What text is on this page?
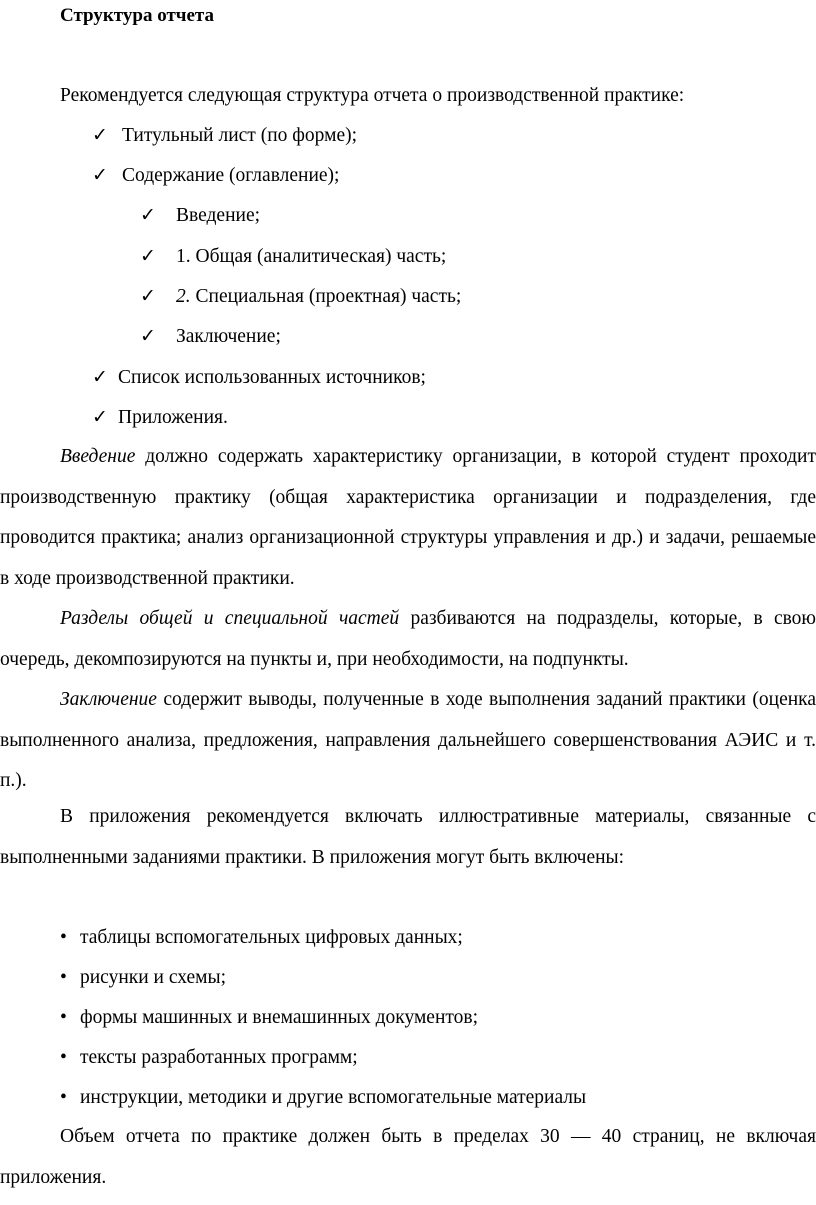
Структура отчета
Рекомендуется следующая структура отчета о производственной практике:
✓ Титульный лист (по форме);
✓ Содержание (оглавление);
✓ Введение;
✓ 1. Общая (аналитическая) часть;
✓ 2. Специальная (проектная) часть;
✓ Заключение;
✓ Список использованных источников;
✓ Приложения.

Введение должно содержать характеристику организации, в которой студент проходит производственную практику (общая характеристика организации и подразделения, где проводится практика; анализ организационной структуры управления и др.) и задачи, решаемые в ходе производственной практики.

Разделы общей и специальной частей разбиваются на подразделы, которые, в свою очередь, декомпозируются на пункты и, при необходимости, на подпункты.

Заключение содержит выводы, полученные в ходе выполнения заданий практики (оценка выполненного анализа, предложения, направления дальнейшего совершенствования АЭИС и т. п.).

В приложения рекомендуется включать иллюстративные материалы, связанные с выполненными заданиями практики. В приложения могут быть включены:

• таблицы вспомогательных цифровых данных;
• рисунки и схемы;
• формы машинных и внемашинных документов;
• тексты разработанных программ;
• инструкции, методики и другие вспомогательные материалы

Объем отчета по практике должен быть в пределах 30 — 40 страниц, не включая приложения.
